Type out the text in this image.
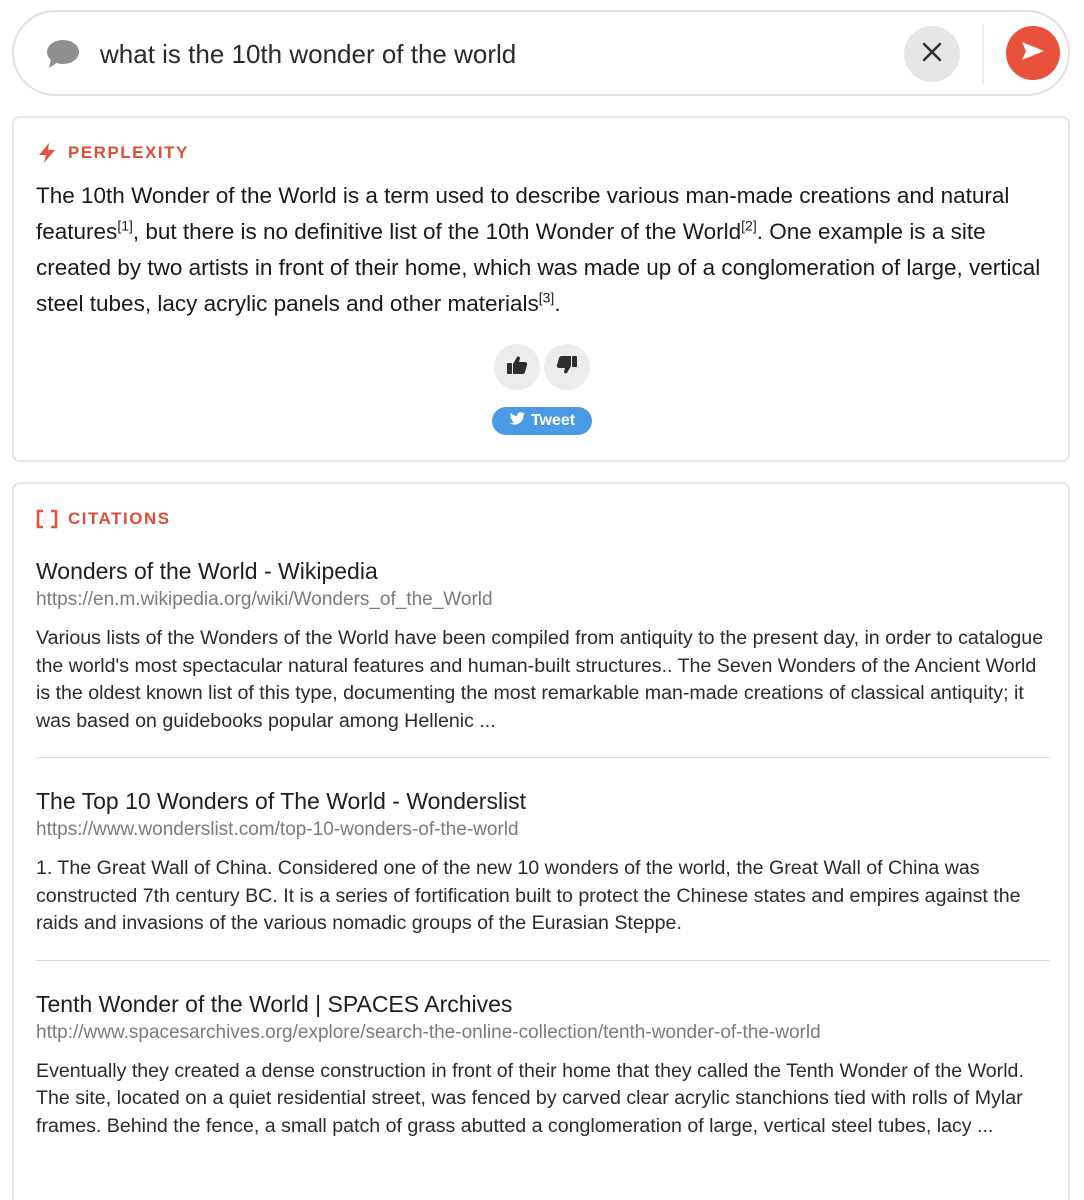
what is the 10th wonder of the world
PERPLEXITY
The 10th Wonder of the World is a term used to describe various man-made creations and natural features[1], but there is no definitive list of the 10th Wonder of the World[2]. One example is a site created by two artists in front of their home, which was made up of a conglomeration of large, vertical steel tubes, lacy acrylic panels and other materials[3].
Tweet
CITATIONS
Wonders of the World - Wikipedia
https://en.m.wikipedia.org/wiki/Wonders_of_the_World
Various lists of the Wonders of the World have been compiled from antiquity to the present day, in order to catalogue the world's most spectacular natural features and human-built structures.. The Seven Wonders of the Ancient World is the oldest known list of this type, documenting the most remarkable man-made creations of classical antiquity; it was based on guidebooks popular among Hellenic ...
The Top 10 Wonders of The World - Wonderslist
https://www.wonderslist.com/top-10-wonders-of-the-world
1. The Great Wall of China. Considered one of the new 10 wonders of the world, the Great Wall of China was constructed 7th century BC. It is a series of fortification built to protect the Chinese states and empires against the raids and invasions of the various nomadic groups of the Eurasian Steppe.
Tenth Wonder of the World | SPACES Archives
http://www.spacesarchives.org/explore/search-the-online-collection/tenth-wonder-of-the-world
Eventually they created a dense construction in front of their home that they called the Tenth Wonder of the World. The site, located on a quiet residential street, was fenced by carved clear acrylic stanchions tied with rolls of Mylar frames. Behind the fence, a small patch of grass abutted a conglomeration of large, vertical steel tubes, lacy ...
